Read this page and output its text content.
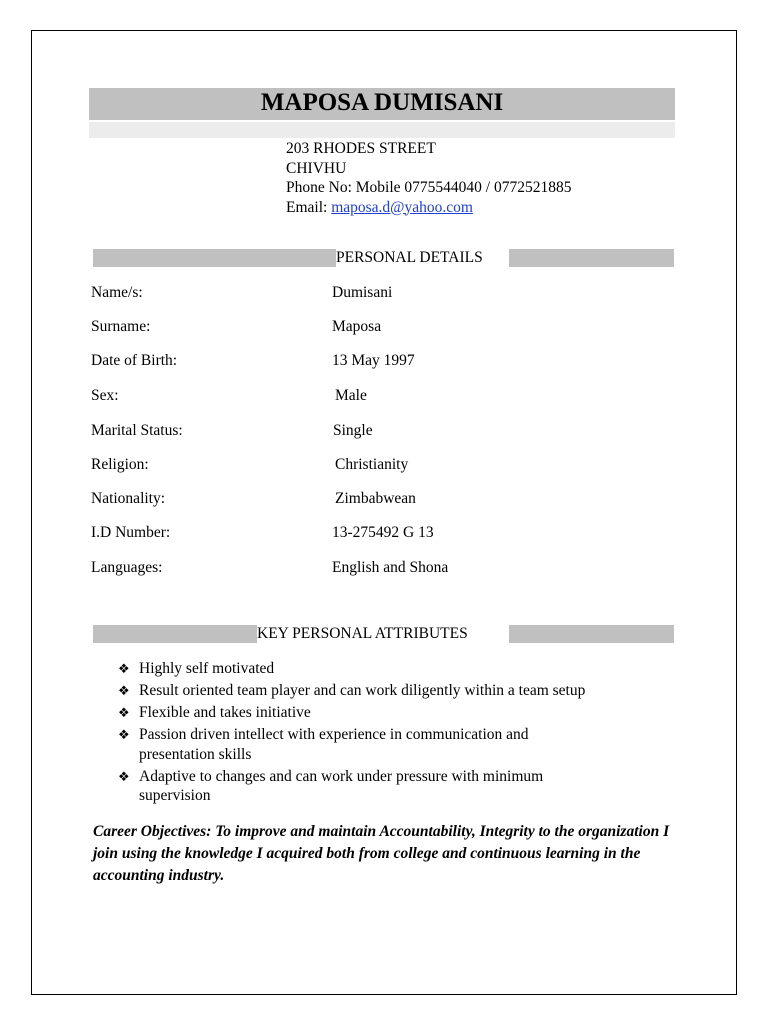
MAPOSA DUMISANI
203 RHODES STREET
CHIVHU
Phone No: Mobile 0775544040 / 0772521885
Email: maposa.d@yahoo.com
PERSONAL DETAILS
Name/s:	Dumisani
Surname:	Maposa
Date of Birth:	13 May 1997
Sex:	Male
Marital Status:	Single
Religion:	Christianity
Nationality:	Zimbabwean
I.D Number:	13-275492 G 13
Languages:	English and Shona
KEY PERSONAL ATTRIBUTES
❖ Highly self motivated
❖ Result oriented team player and can work diligently within a team setup
❖ Flexible and takes initiative
❖ Passion driven intellect with experience in communication and presentation skills
❖ Adaptive to changes and can work under pressure with minimum supervision
Career Objectives: To improve and maintain Accountability, Integrity to the organization I join using the knowledge I acquired both from college and continuous learning in the accounting industry.
